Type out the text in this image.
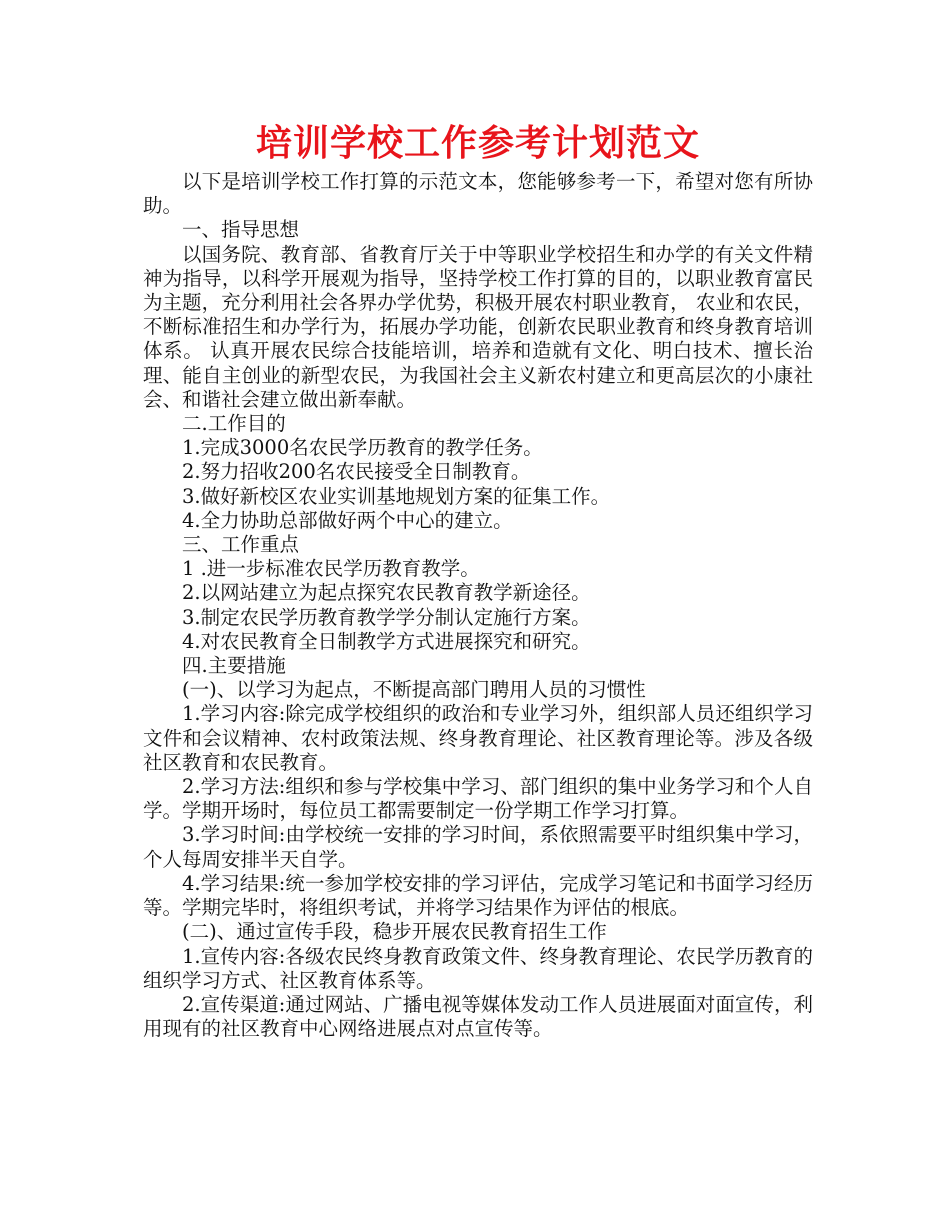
培训学校工作参考计划范文

以下是培训学校工作打算的示范文本，您能够参考一下，希望对您有所协助。

一、指导思想

以国务院、教育部、省教育厅关于中等职业学校招生和办学的有关文件精神为指导，以科学开展观为指导，坚持学校工作打算的目的，以职业教育富民为主题，充分利用社会各界办学优势，积极开展农村职业教育， 农业和农民，不断标准招生和办学行为，拓展办学功能，创新农民职业教育和终身教育培训体系。 认真开展农民综合技能培训，培养和造就有文化、明白技术、擅长治理、能自主创业的新型农民，为我国社会主义新农村建立和更高层次的小康社会、和谐社会建立做出新奉献。

二.工作目的

1.完成3000名农民学历教育的教学任务。

2.努力招收200名农民接受全日制教育。

3.做好新校区农业实训基地规划方案的征集工作。

4.全力协助总部做好两个中心的建立。

三、工作重点

1 .进一步标准农民学历教育教学。

2.以网站建立为起点探究农民教育教学新途径。

3.制定农民学历教育教学学分制认定施行方案。

4.对农民教育全日制教学方式进展探究和研究。

四.主要措施

(一)、以学习为起点，不断提高部门聘用人员的习惯性

1.学习内容:除完成学校组织的政治和专业学习外，组织部人员还组织学习文件和会议精神、农村政策法规、终身教育理论、社区教育理论等。涉及各级社区教育和农民教育。

2.学习方法:组织和参与学校集中学习、部门组织的集中业务学习和个人自学。学期开场时，每位员工都需要制定一份学期工作学习打算。

3.学习时间:由学校统一安排的学习时间，系依照需要平时组织集中学习，个人每周安排半天自学。

4.学习结果:统一参加学校安排的学习评估，完成学习笔记和书面学习经历等。学期完毕时，将组织考试，并将学习结果作为评估的根底。

(二)、通过宣传手段，稳步开展农民教育招生工作

1.宣传内容:各级农民终身教育政策文件、终身教育理论、农民学历教育的组织学习方式、社区教育体系等。

2.宣传渠道:通过网站、广播电视等媒体发动工作人员进展面对面宣传，利用现有的社区教育中心网络进展点对点宣传等。
